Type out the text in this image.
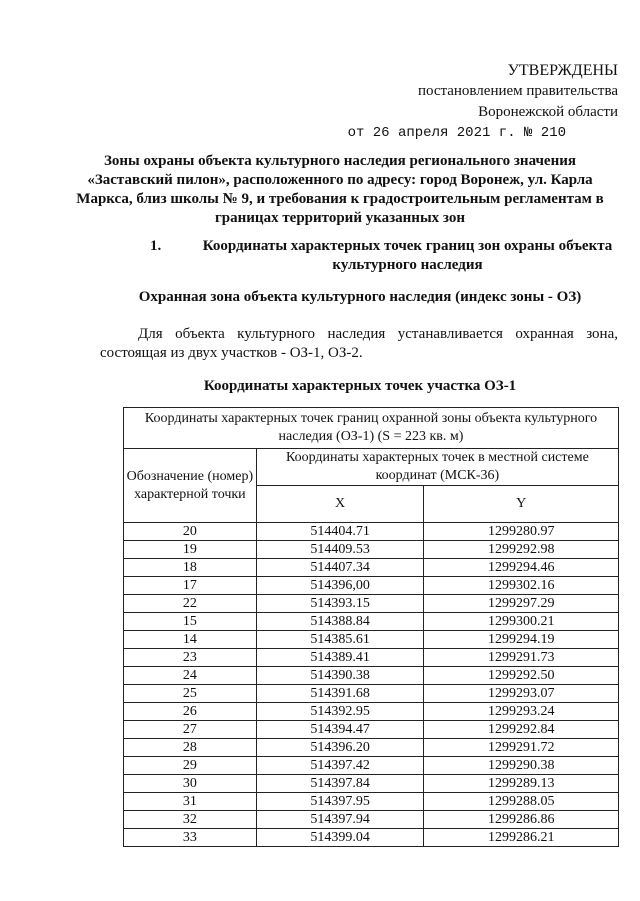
УТВЕРЖДЕНЫ
постановлением правительства
Воронежской области
от 26 апреля 2021 г. № 210
Зоны охраны объекта культурного наследия регионального значения «Заставский пилон», расположенного по адресу: город Воронеж, ул. Карла Маркса, близ школы № 9, и требования к градостроительным регламентам в границах территорий указанных зон
1.	Координаты характерных точек границ зон охраны объекта культурного наследия
Охранная зона объекта культурного наследия (индекс зоны - ОЗ)
Для объекта культурного наследия устанавливается охранная зона, состоящая из двух участков - ОЗ-1, ОЗ-2.
Координаты характерных точек участка ОЗ-1
Координаты характерных точек границ охранной зоны объекта культурного наследия (ОЗ-1) (S = 223 кв. м)		
Обозначение (номер) характерной точки	Координаты характерных точек в местной системе координат (МСК-36)	
	X	Y
20	514404.71	1299280.97
19	514409.53	1299292.98
18	514407.34	1299294.46
17	514396,00	1299302.16
22	514393.15	1299297.29
15	514388.84	1299300.21
14	514385.61	1299294.19
23	514389.41	1299291.73
24	514390.38	1299292.50
25	514391.68	1299293.07
26	514392.95	1299293.24
27	514394.47	1299292.84
28	514396.20	1299291.72
29	514397.42	1299290.38
30	514397.84	1299289.13
31	514397.95	1299288.05
32	514397.94	1299286.86
33	514399.04	1299286.21
